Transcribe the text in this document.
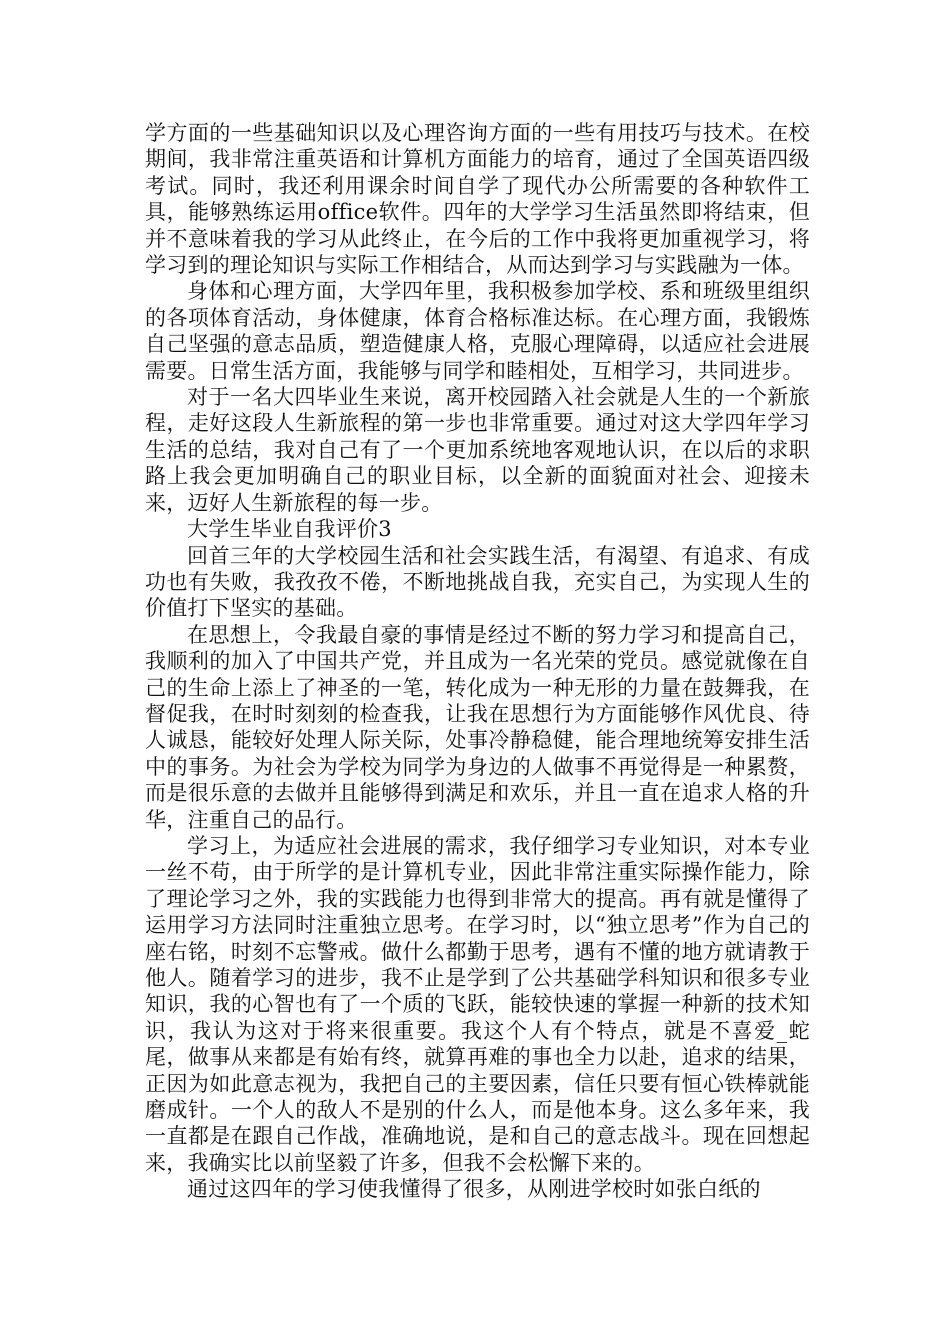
学方面的一些基础知识以及心理咨询方面的一些有用技巧与技术。在校期间，我非常注重英语和计算机方面能力的培育，通过了全国英语四级考试。同时，我还利用课余时间自学了现代办公所需要的各种软件工具，能够熟练运用office软件。四年的大学学习生活虽然即将结束，但并不意味着我的学习从此终止，在今后的工作中我将更加重视学习，将学习到的理论知识与实际工作相结合，从而达到学习与实践融为一体。

身体和心理方面，大学四年里，我积极参加学校、系和班级里组织的各项体育活动，身体健康，体育合格标准达标。在心理方面，我锻炼自己坚强的意志品质，塑造健康人格，克服心理障碍，以适应社会进展需要。日常生活方面，我能够与同学和睦相处，互相学习，共同进步。

对于一名大四毕业生来说，离开校园踏入社会就是人生的一个新旅程，走好这段人生新旅程的第一步也非常重要。通过对这大学四年学习生活的总结，我对自己有了一个更加系统地客观地认识，在以后的求职路上我会更加明确自己的职业目标，以全新的面貌面对社会、迎接未来，迈好人生新旅程的每一步。

大学生毕业自我评价3

回首三年的大学校园生活和社会实践生活，有渴望、有追求、有成功也有失败，我孜孜不倦，不断地挑战自我，充实自己，为实现人生的价值打下坚实的基础。

在思想上，令我最自豪的事情是经过不断的努力学习和提高自己，我顺利的加入了中国共产党，并且成为一名光荣的党员。感觉就像在自己的生命上添上了神圣的一笔，转化成为一种无形的力量在鼓舞我，在督促我，在时时刻刻的检查我，让我在思想行为方面能够作风优良、待人诚恳，能较好处理人际关际，处事冷静稳健，能合理地统筹安排生活中的事务。为社会为学校为同学为身边的人做事不再觉得是一种累赘，而是很乐意的去做并且能够得到满足和欢乐，并且一直在追求人格的升华，注重自己的品行。

学习上，为适应社会进展的需求，我仔细学习专业知识，对本专业一丝不苟，由于所学的是计算机专业，因此非常注重实际操作能力，除了理论学习之外，我的实践能力也得到非常大的提高。再有就是懂得了运用学习方法同时注重独立思考。在学习时，以“独立思考”作为自己的座右铭，时刻不忘警戒。做什么都勤于思考，遇有不懂的地方就请教于他人。随着学习的进步，我不止是学到了公共基础学科知识和很多专业知识，我的心智也有了一个质的飞跃，能较快速的掌握一种新的技术知识，我认为这对于将来很重要。我这个人有个特点，就是不喜爱_蛇尾，做事从来都是有始有终，就算再难的事也全力以赴，追求的结果，正因为如此意志视为，我把自己的主要因素，信任只要有恒心铁棒就能磨成针。一个人的敌人不是别的什么人，而是他本身。这么多年来，我一直都是在跟自己作战，准确地说，是和自己的意志战斗。现在回想起来，我确实比以前坚毅了许多，但我不会松懈下来的。

通过这四年的学习使我懂得了很多，从刚进学校时如张白纸的
